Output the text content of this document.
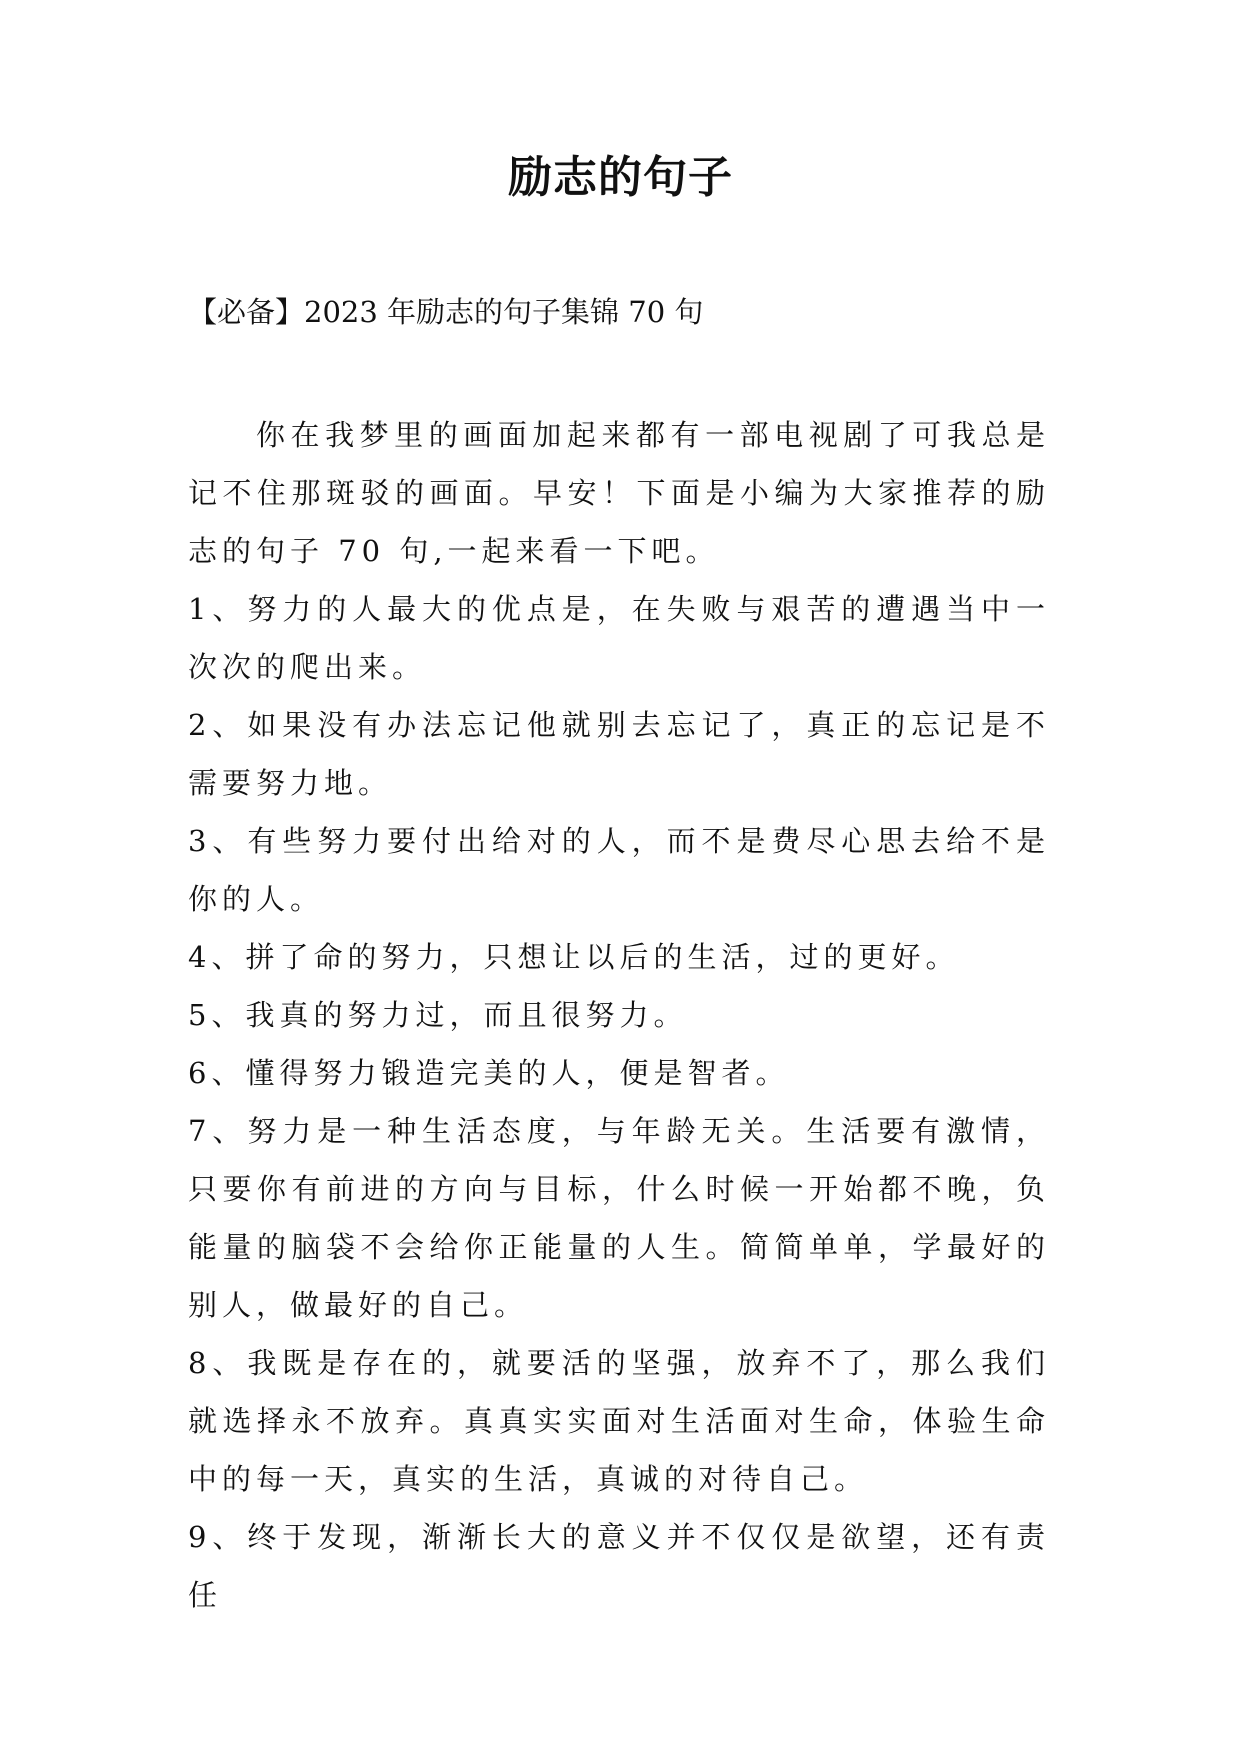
励志的句子

【必备】2023 年励志的句子集锦 70 句

你在我梦里的画面加起来都有一部电视剧了可我总是记不住那斑驳的画面。早安！下面是小编为大家推荐的励志的句子 70 句,一起来看一下吧。

1、努力的人最大的优点是，在失败与艰苦的遭遇当中一次次的爬出来。

2、如果没有办法忘记他就别去忘记了，真正的忘记是不需要努力地。

3、有些努力要付出给对的人，而不是费尽心思去给不是你的人。

4、拼了命的努力，只想让以后的生活，过的更好。

5、我真的努力过，而且很努力。

6、懂得努力锻造完美的人，便是智者。

7、努力是一种生活态度，与年龄无关。生活要有激情，只要你有前进的方向与目标，什么时候一开始都不晚，负能量的脑袋不会给你正能量的人生。简简单单，学最好的别人，做最好的自己。

8、我既是存在的，就要活的坚强，放弃不了，那么我们就选择永不放弃。真真实实面对生活面对生命，体验生命中的每一天，真实的生活，真诚的对待自己。

9、终于发现，渐渐长大的意义并不仅仅是欲望，还有责任
